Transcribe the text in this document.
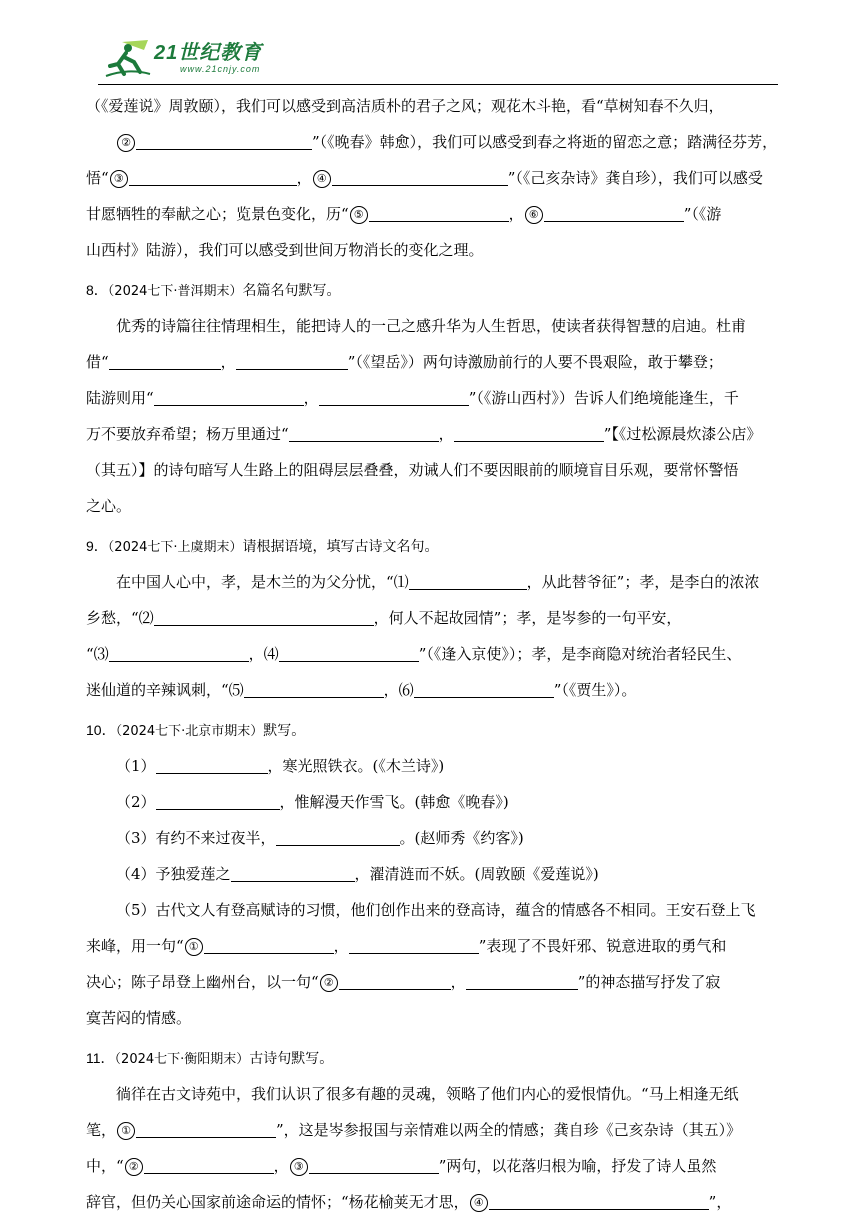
21世纪教育
www.21cnjy.com
（《爱莲说》周敦颐），我们可以感受到高洁质朴的君子之风；观花木斗艳，看“草树知春不久归，
②	”（《晚春》韩愈），我们可以感受到春之将逝的留恋之意；踏满径芬芳，
悟“ ③	， ④	”（《己亥杂诗》龚自珍），我们可以感受
甘愿牺牲的奉献之心；览景色变化，历“ ⑤	， ⑥	”（《游
山西村》陆游），我们可以感受到世间万物消长的变化之理。
8．（2024七下·普洱期末）名篇名句默写。
优秀的诗篇往往情理相生，能把诗人的一己之感升华为人生哲思，使读者获得智慧的启迪。杜甫
借“	，	”（《望岳》）两句诗激励前行的人要不畏艰险，敢于攀登；
陆游则用“	，	”（《游山西村》）告诉人们绝境能逢生，千
万不要放弃希望；杨万里通过“	，	”【《过松源晨炊漆公店》
（其五）】的诗句暗写人生路上的阻碍层层叠叠，劝诫人们不要因眼前的顺境盲目乐观，要常怀警悟
之心。
9．（2024七下·上虞期末）请根据语境，填写古诗文名句。
在中国人心中，孝，是木兰的为父分忧，“⑴	，从此替爷征”；孝，是李白的浓浓
乡愁，“⑵	，何人不起故园情”；孝，是岑参的一句平安，
“⑶	，⑷	”（《逢入京使》）；孝，是李商隐对统治者轻民生、
迷仙道的辛辣讽刺，“⑸	，⑹	”（《贾生》）。
10．（2024七下·北京市期末）默写。
（1）	，寒光照铁衣。(《木兰诗》)
（2）	，惟解漫天作雪飞。(韩愈《晚春》)
（3）有约不来过夜半，	。(赵师秀《约客》)
（4）予独爱莲之	，濯清涟而不妖。(周敦颐《爱莲说》)
（5）古代文人有登高赋诗的习惯，他们创作出来的登高诗，蕴含的情感各不相同。王安石登上飞
来峰，用一句“ ①	，	”表现了不畏奸邪、锐意进取的勇气和
决心；陈子昂登上幽州台，以一句“ ②	，	”的神态描写抒发了寂
寞苦闷的情感。
11．（2024七下·衡阳期末）古诗句默写。
徜徉在古文诗苑中，我们认识了很多有趣的灵魂，领略了他们内心的爱恨情仇。“马上相逢无纸
笔， ①	”，这是岑参报国与亲情难以两全的情感；龚自珍《己亥杂诗（其五）》
中，“ ②	， ③	”两句，以花落归根为喻，抒发了诗人虽然
辞官，但仍关心国家前途命运的情怀；“杨花榆荚无才思， ④	”，
